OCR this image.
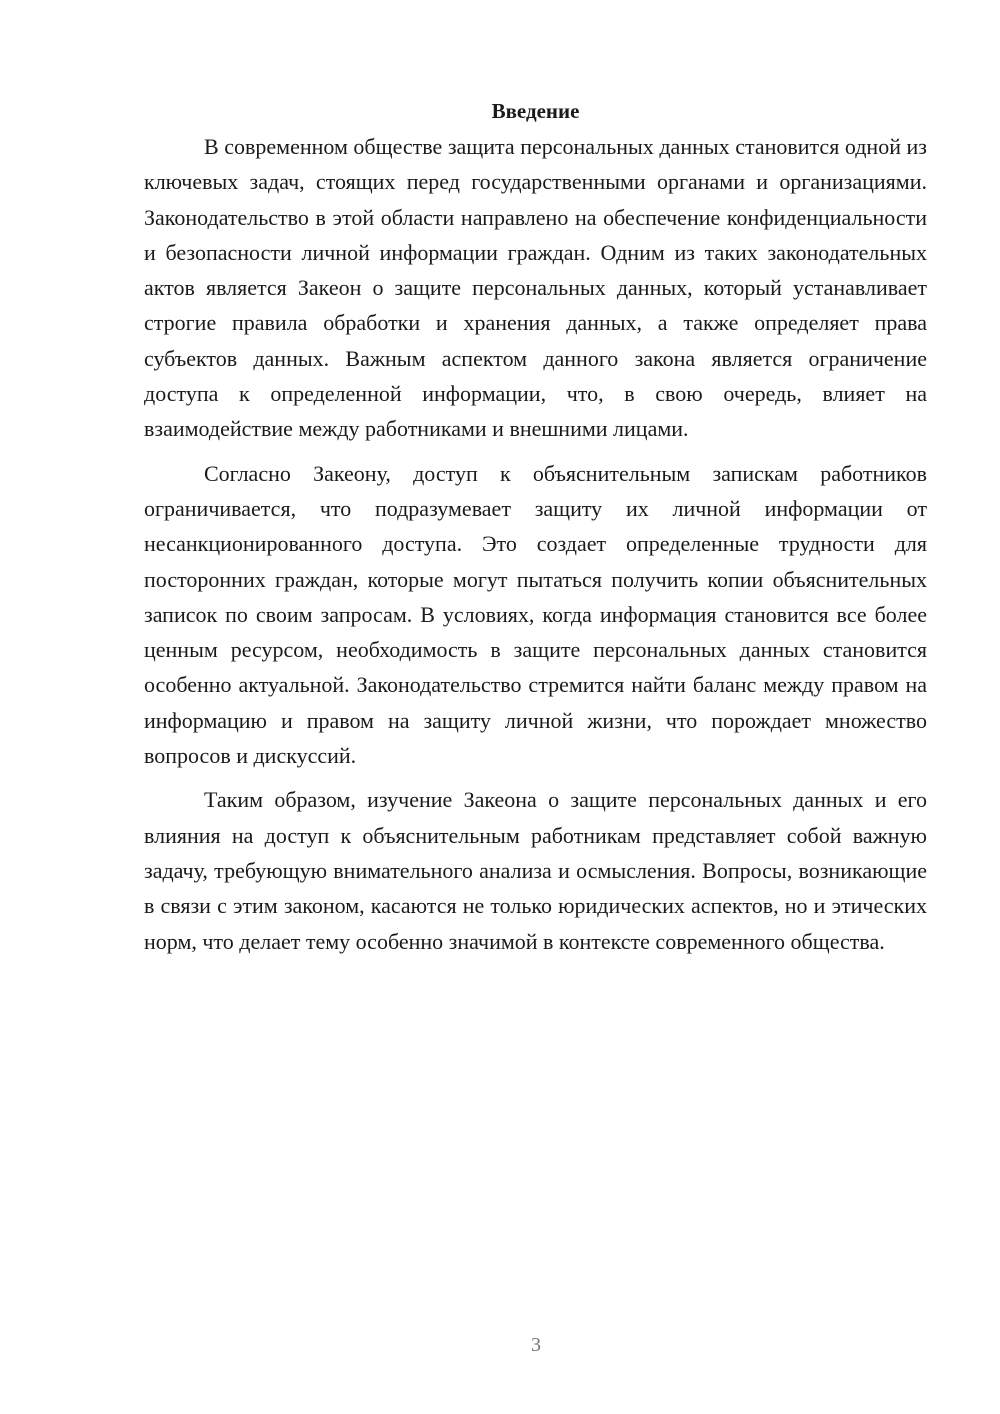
Введение

В современном обществе защита персональных данных становится одной из ключевых задач, стоящих перед государственными органами и организациями. Законодательство в этой области направлено на обеспечение конфиденциальности и безопасности личной информации граждан. Одним из таких законодательных актов является Закеон о защите персональных данных, который устанавливает строгие правила обработки и хранения данных, а также определяет права субъектов данных. Важным аспектом данного закона является ограничение доступа к определенной информации, что, в свою очередь, влияет на взаимодействие между работниками и внешними лицами.

Согласно Закеону, доступ к объяснительным запискам работников ограничивается, что подразумевает защиту их личной информации от несанкционированного доступа. Это создает определенные трудности для посторонних граждан, которые могут пытаться получить копии объяснительных записок по своим запросам. В условиях, когда информация становится все более ценным ресурсом, необходимость в защите персональных данных становится особенно актуальной. Законодательство стремится найти баланс между правом на информацию и правом на защиту личной жизни, что порождает множество вопросов и дискуссий.

Таким образом, изучение Закеона о защите персональных данных и его влияния на доступ к объяснительным работникам представляет собой важную задачу, требующую внимательного анализа и осмысления. Вопросы, возникающие в связи с этим законом, касаются не только юридических аспектов, но и этических норм, что делает тему особенно значимой в контексте современного общества.

3
